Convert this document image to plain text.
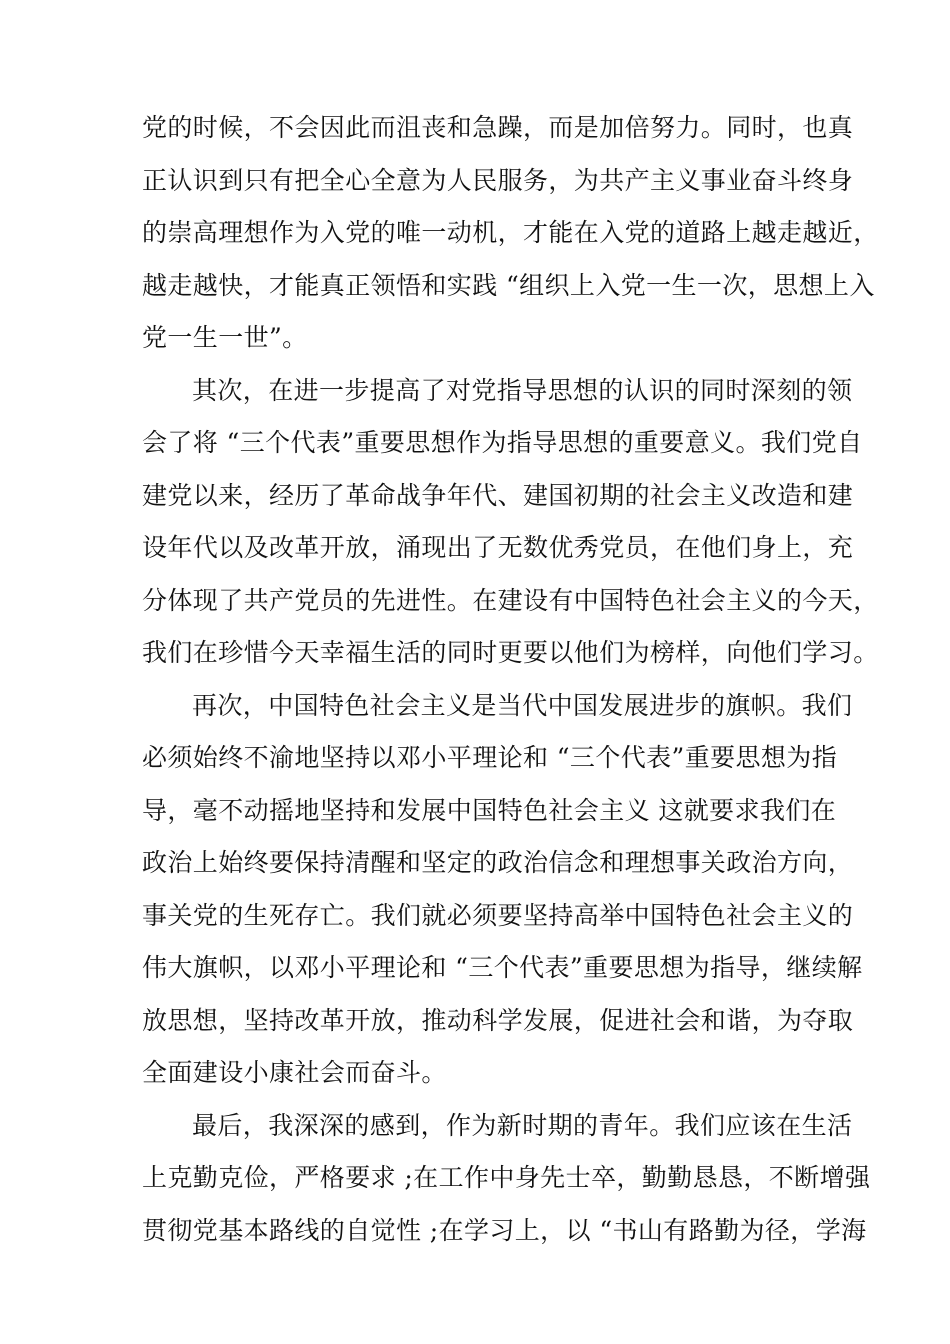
党的时候，不会因此而沮丧和急躁，而是加倍努力。同时，也真
正认识到只有把全心全意为人民服务，为共产主义事业奋斗终身
的崇高理想作为入党的唯一动机，才能在入党的道路上越走越近，
越走越快，才能真正领悟和实践 “组织上入党一生一次，思想上入
党一生一世”。
其次，在进一步提高了对党指导思想的认识的同时深刻的领
会了将 “三个代表”重要思想作为指导思想的重要意义。我们党自
建党以来，经历了革命战争年代、建国初期的社会主义改造和建
设年代以及改革开放，涌现出了无数优秀党员，在他们身上，充
分体现了共产党员的先进性。在建设有中国特色社会主义的今天，
我们在珍惜今天幸福生活的同时更要以他们为榜样，向他们学习。
再次，中国特色社会主义是当代中国发展进步的旗帜。我们
必须始终不渝地坚持以邓小平理论和 “三个代表”重要思想为指
导，毫不动摇地坚持和发展中国特色社会主义 这就要求我们在
政治上始终要保持清醒和坚定的政治信念和理想事关政治方向，
事关党的生死存亡。我们就必须要坚持高举中国特色社会主义的
伟大旗帜，以邓小平理论和 “三个代表”重要思想为指导，继续解
放思想，坚持改革开放，推动科学发展，促进社会和谐，为夺取
全面建设小康社会而奋斗。
最后，我深深的感到，作为新时期的青年。我们应该在生活
上克勤克俭，严格要求 ;在工作中身先士卒，勤勤恳恳，不断增强
贯彻党基本路线的自觉性 ;在学习上，以 “书山有路勤为径，学海
